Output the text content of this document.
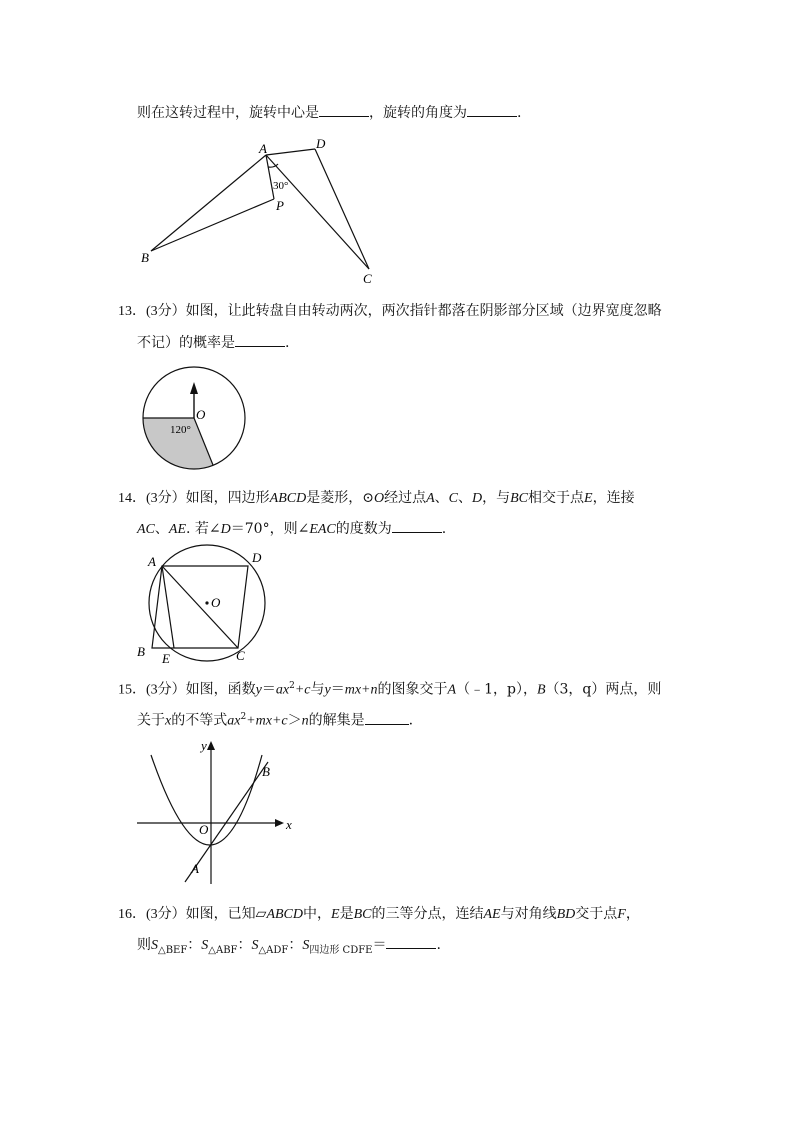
则在这转过程中，旋转中心是	，旋转的角度为	.
A	D
P
B
C
30°
13．(3分）如图，让此转盘自由转动两次，两次指针都落在阴影部分区域（边界宽度忽略
不记）的概率是	.
O
120°
14．(3分）如图，四边形ABCD是菱形，⊙O经过点A、C、D，与BC相交于点E，连接
AC、AE. 若∠D＝70°，则∠EAC的度数为	.
A	D
O
B E	C
15．(3分）如图，函数$y=ax^2+c$与y＝mx+n的图象交于A（﹣1，p），B（3，q）两点，则
关于x的不等式$ax^2+mx+c>n$的解集是	.
y
x
O
A
B
16．(3分）如图，已知▱ABCD中，E是BC的三等分点，连结AE与对角线BD交于点F，
则$S_{\triangle BEF}$：$S_{\triangle ABF}$：$S_{\triangle ADF}$：$S_{四边形 CDFE}=$	.
